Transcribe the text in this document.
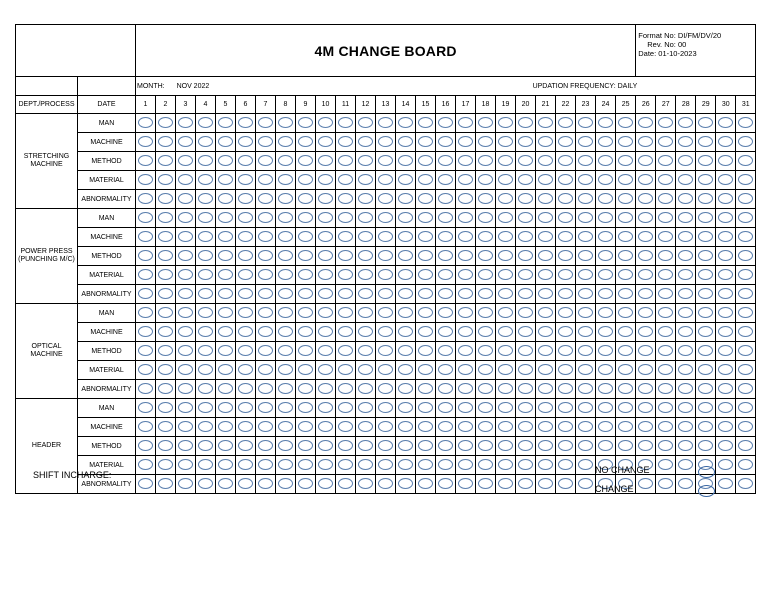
		4M CHANGE BOARD																									Format No: DI/FM/DV/20
Rev. No: 00
Date: 01-10-2023					

		MONTH: NOV 2022 UPDATION FREQUENCY: DAILY																														

DEPT./PROCESS	DATE	1	2	3	4	5	6	7	8	9	10	11	12	13	14	15	16	17	18	19	20	21	22	23	24	25	26	27	28	29	30	31
STRETCHING MACHINE	MAN																															
	MACHINE																															
	METHOD																															
	MATERIAL																															
	ABNORMALITY																															
POWER PRESS (PUNCHING M/C)	MAN																															
	MACHINE																															
	METHOD																															
	MATERIAL																															
	ABNORMALITY																															
OPTICAL MACHINE	MAN																															
	MACHINE																															
	METHOD																															
	MATERIAL																															
	ABNORMALITY																															
HEADER	MAN																															
	MACHINE																															
	METHOD																															
	MATERIAL																															
	ABNORMALITY																															
SHIFT INCHARGE:	NO CHANGE
CHANGE
